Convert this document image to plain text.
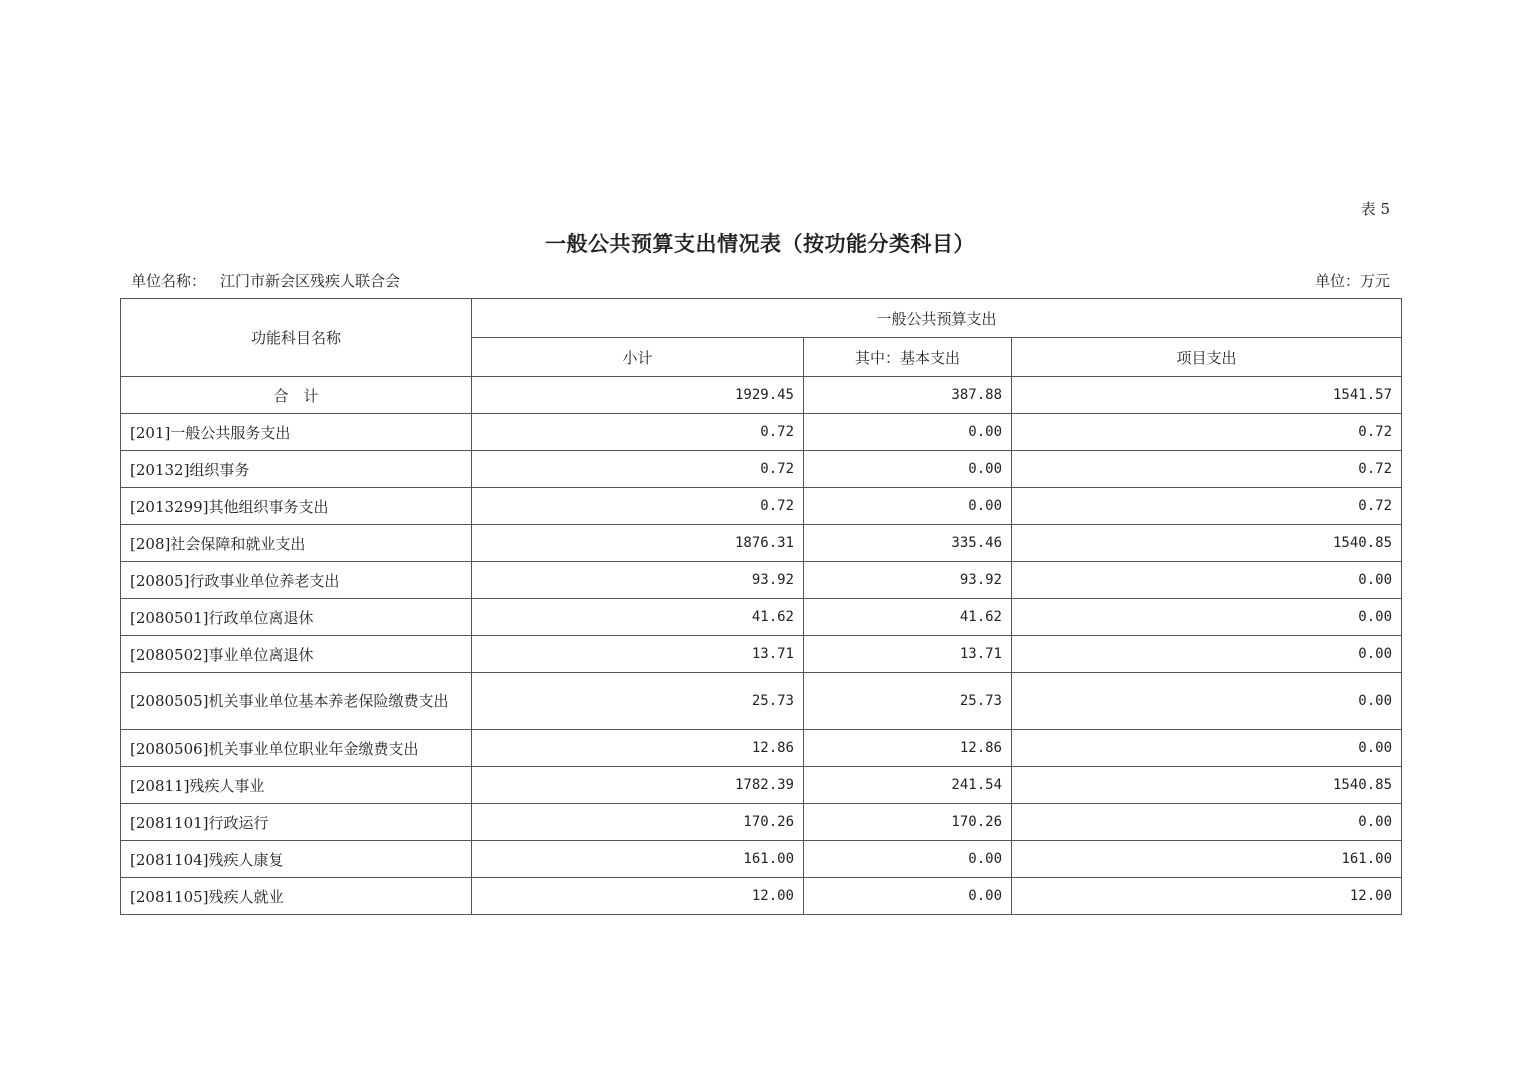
表 5
一般公共预算支出情况表（按功能分类科目）
单位名称： 江门市新会区残疾人联合会	单位：万元
功能科目名称	一般公共预算支出		
	小计	其中：基本支出	项目支出
合　计	1929.45	387.88	1541.57
[201]一般公共服务支出	0.72	0.00	0.72
[20132]组织事务	0.72	0.00	0.72
[2013299]其他组织事务支出	0.72	0.00	0.72
[208]社会保障和就业支出	1876.31	335.46	1540.85
[20805]行政事业单位养老支出	93.92	93.92	0.00
[2080501]行政单位离退休	41.62	41.62	0.00
[2080502]事业单位离退休	13.71	13.71	0.00
[2080505]机关事业单位基本养老保险缴费支出	25.73	25.73	0.00
[2080506]机关事业单位职业年金缴费支出	12.86	12.86	0.00
[20811]残疾人事业	1782.39	241.54	1540.85
[2081101]行政运行	170.26	170.26	0.00
[2081104]残疾人康复	161.00	0.00	161.00
[2081105]残疾人就业	12.00	0.00	12.00
